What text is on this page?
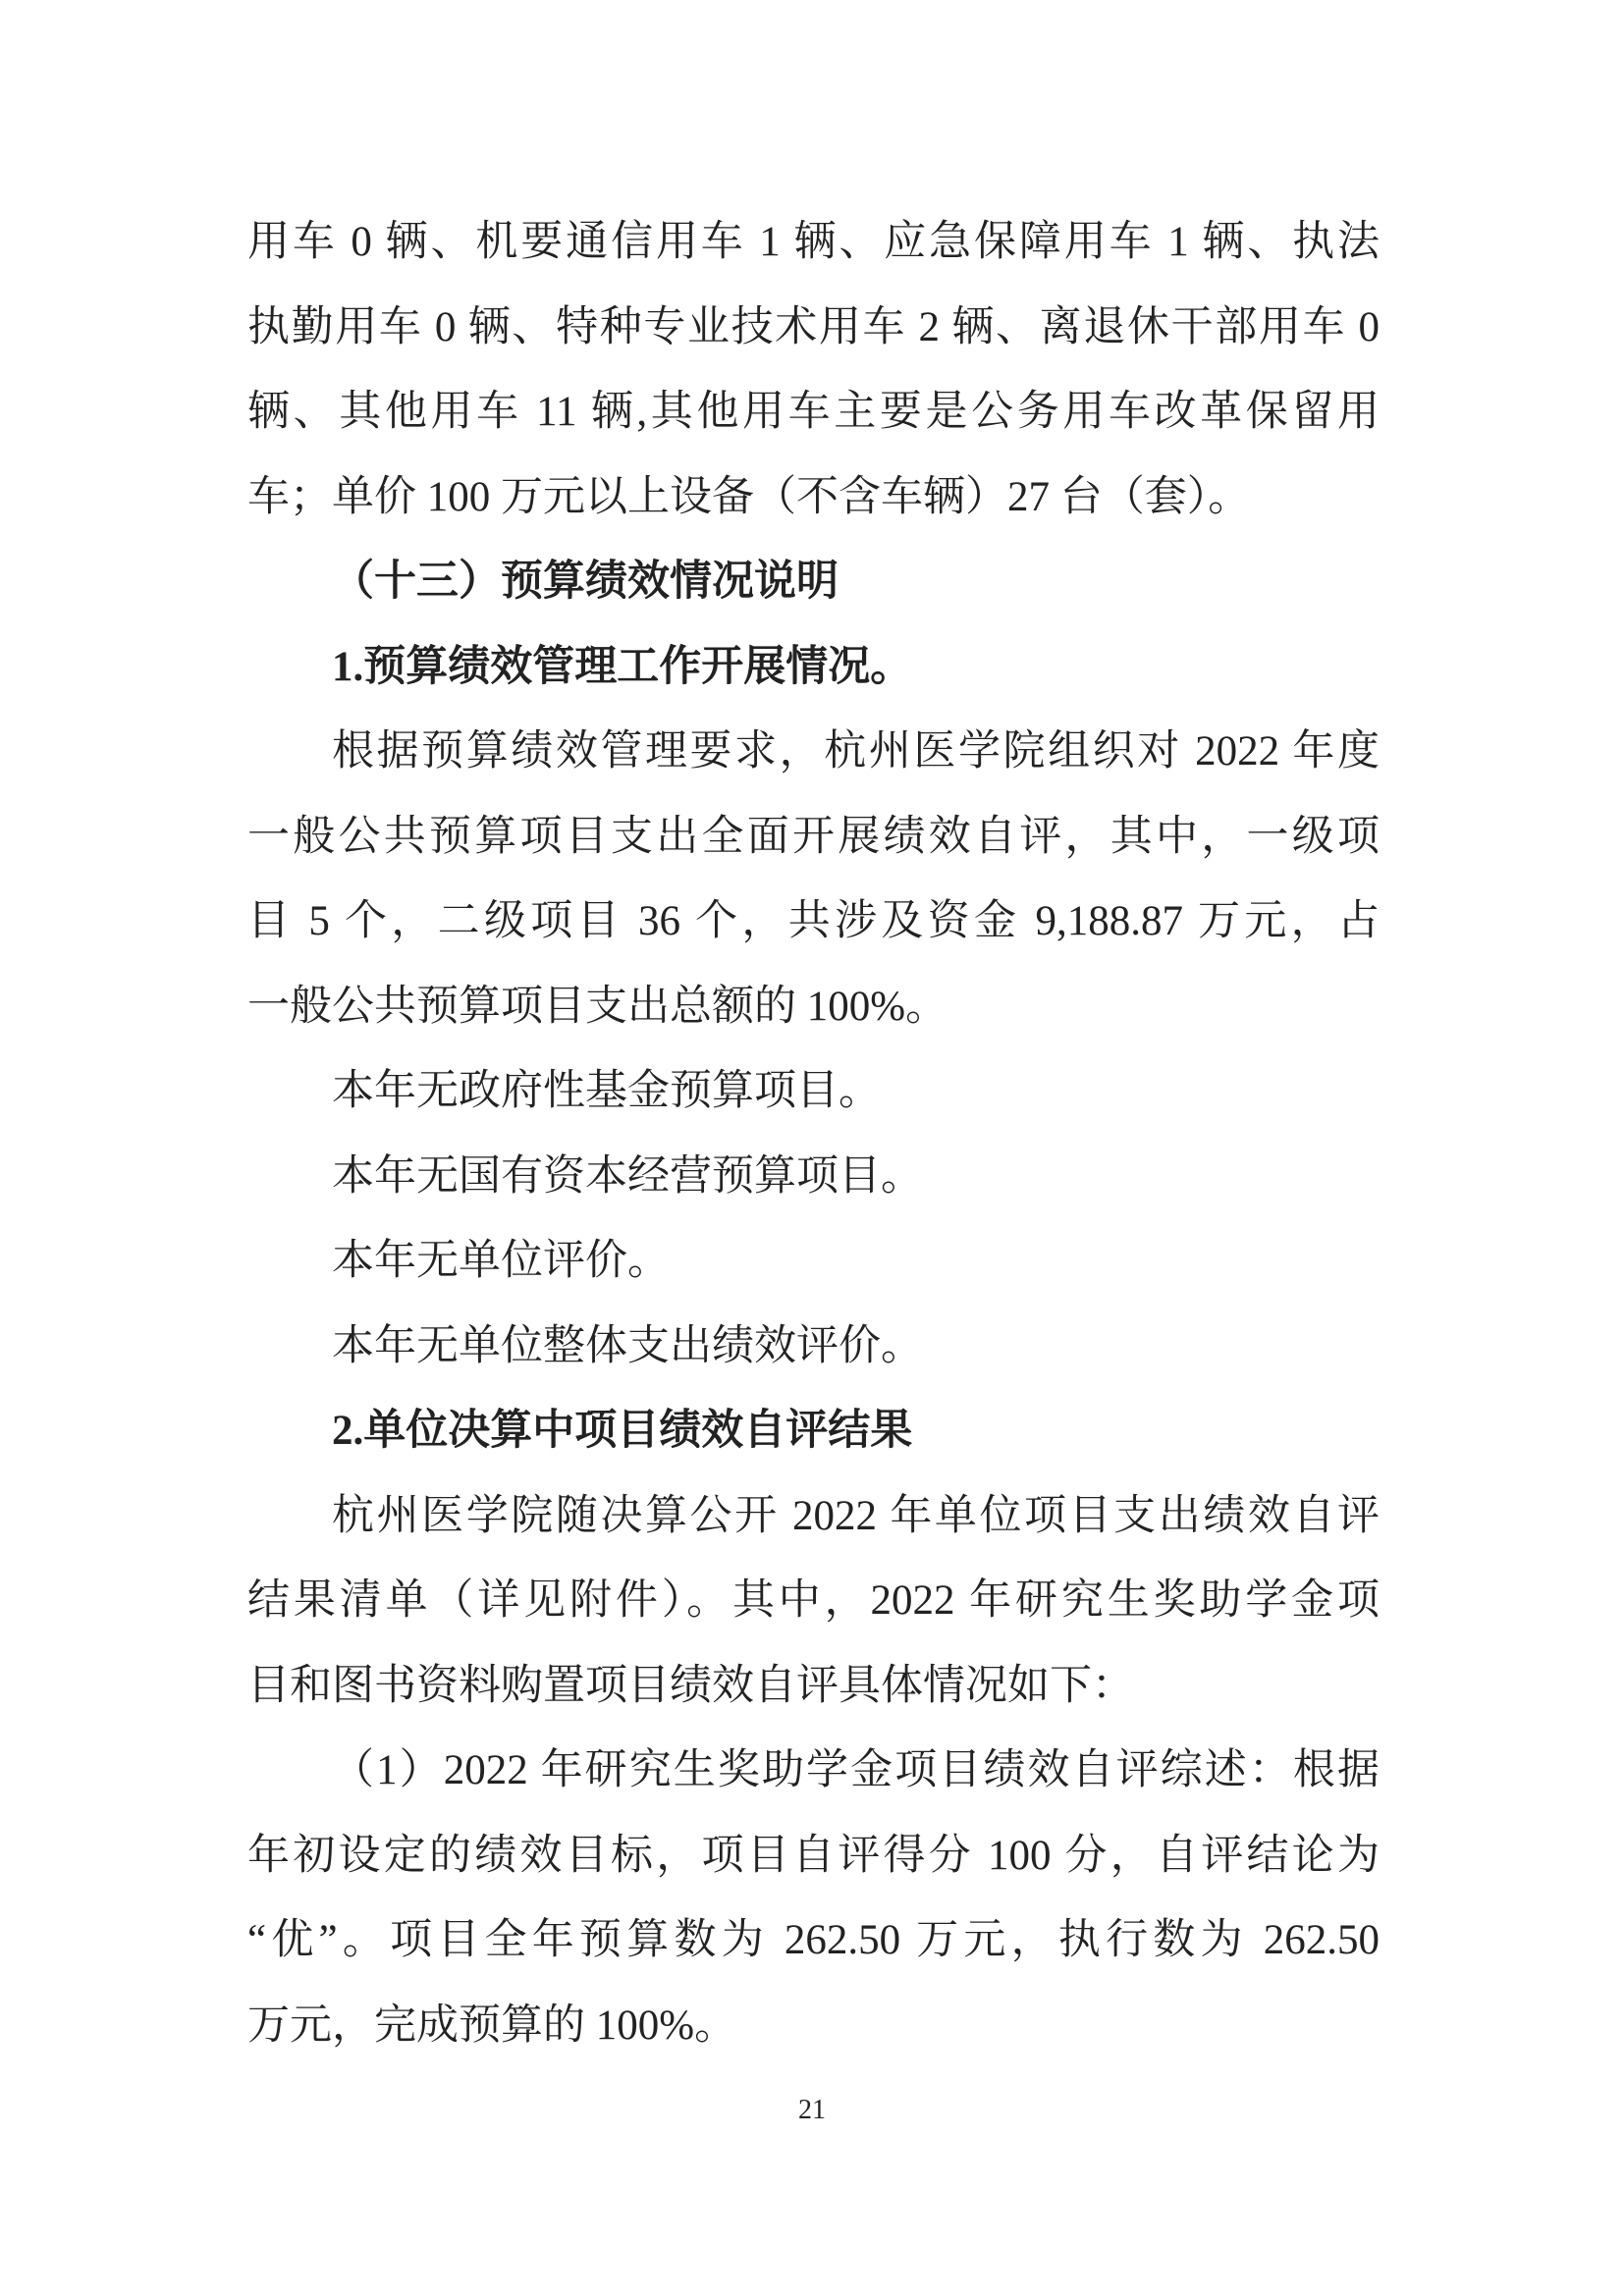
用车 0 辆、机要通信用车 1 辆、应急保障用车 1 辆、执法
执勤用车 0 辆、特种专业技术用车 2 辆、离退休干部用车 0
辆、其他用车 11 辆,其他用车主要是公务用车改革保留用
车；单价 100 万元以上设备（不含车辆）27 台（套）。
（十三）预算绩效情况说明
1.预算绩效管理工作开展情况。
根据预算绩效管理要求，杭州医学院组织对 2022 年度
一般公共预算项目支出全面开展绩效自评，其中，一级项
目 5 个，二级项目 36 个，共涉及资金 9,188.87 万元，占
一般公共预算项目支出总额的 100%。
本年无政府性基金预算项目。
本年无国有资本经营预算项目。
本年无单位评价。
本年无单位整体支出绩效评价。
2.单位决算中项目绩效自评结果
杭州医学院随决算公开 2022 年单位项目支出绩效自评
结果清单（详见附件）。其中，2022 年研究生奖助学金项
目和图书资料购置项目绩效自评具体情况如下：
（1）2022 年研究生奖助学金项目绩效自评综述：根据
年初设定的绩效目标，项目自评得分 100 分，自评结论为
“优”。项目全年预算数为 262.50 万元，执行数为 262.50
万元，完成预算的 100%。
21
